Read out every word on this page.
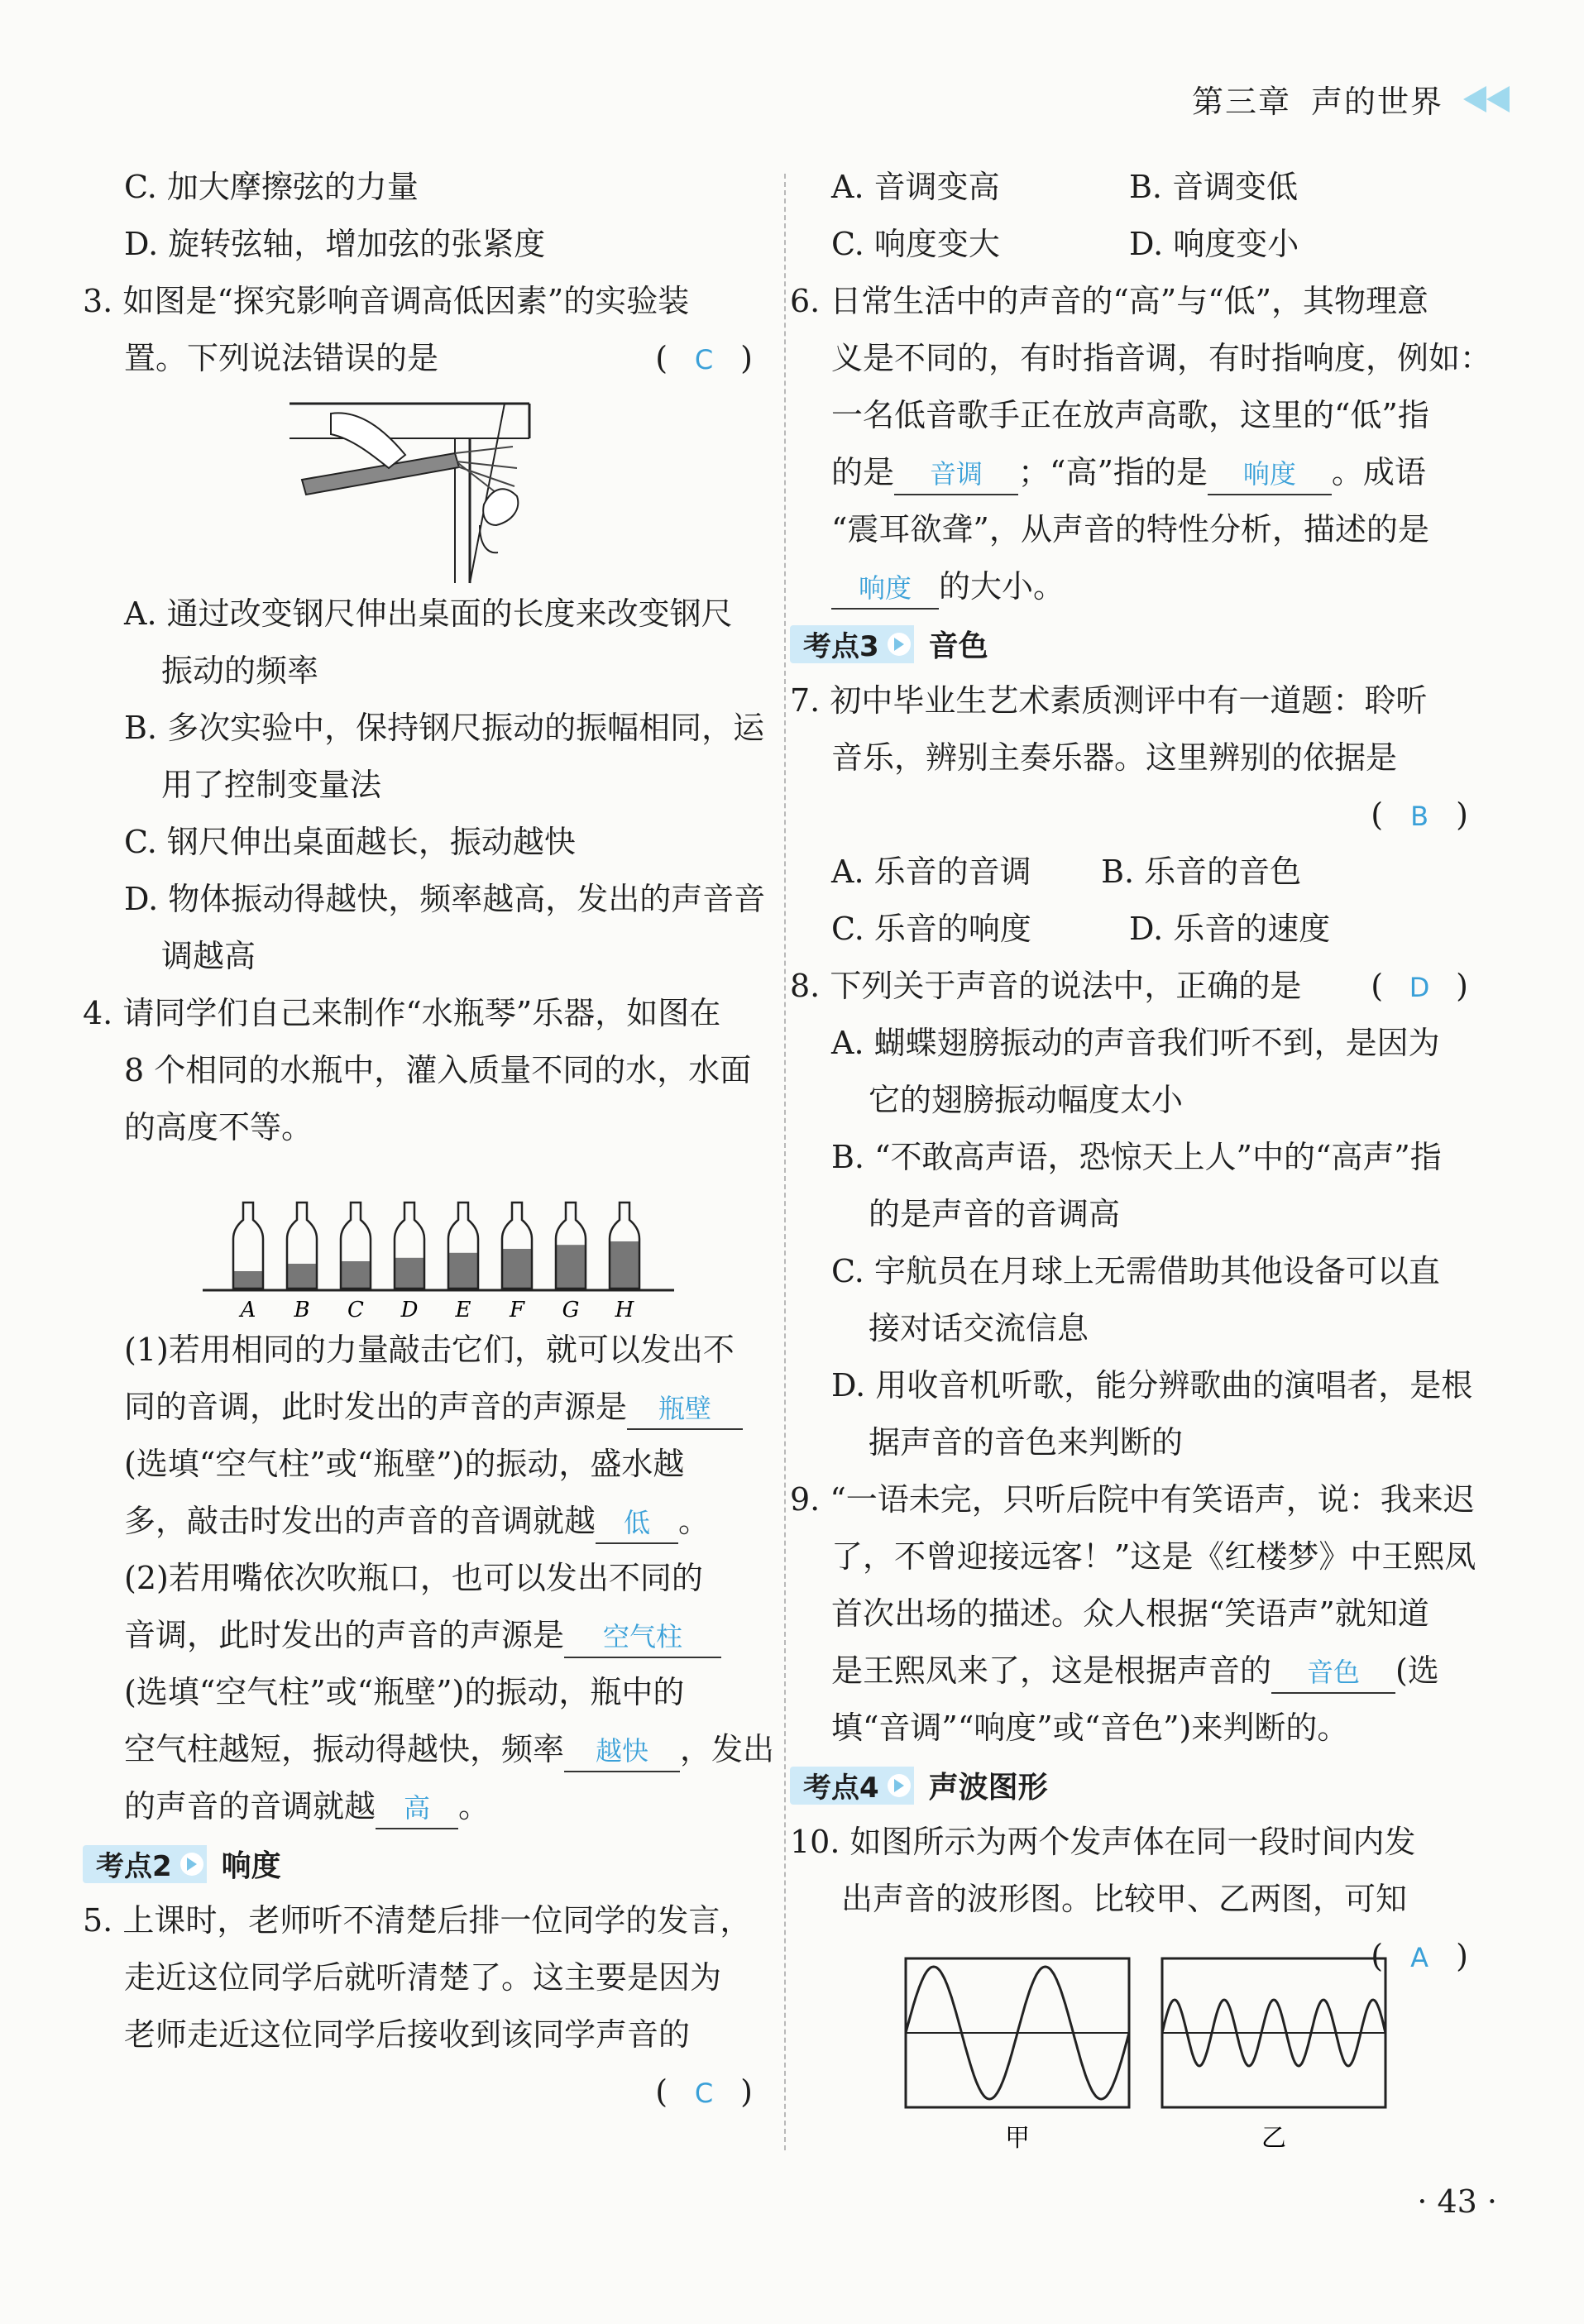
第三章 声的世界
C. 加大摩擦弦的力量
D. 旋转弦轴，增加弦的张紧度
3. 如图是“探究影响音调高低因素”的实验装
置。下列说法错误的是	( C )
A. 通过改变钢尺伸出桌面的长度来改变钢尺
振动的频率
B. 多次实验中，保持钢尺振动的振幅相同，运
用了控制变量法
C. 钢尺伸出桌面越长，振动越快
D. 物体振动得越快，频率越高，发出的声音音
调越高
4. 请同学们自己来制作“水瓶琴”乐器，如图在
8 个相同的水瓶中，灌入质量不同的水，水面
的高度不等。
(1)若用相同的力量敲击它们，就可以发出不
同的音调，此时发出的声音的声源是 瓶壁
(选填“空气柱”或“瓶壁”)的振动，盛水越
多，敲击时发出的声音的音调就越 低 。
(2)若用嘴依次吹瓶口，也可以发出不同的
音调，此时发出的声音的声源是 空气柱
(选填“空气柱”或“瓶壁”)的振动，瓶中的
空气柱越短，振动得越快，频率 越快 ，发出
的声音的音调就越 高 。
考点2	响度
5. 上课时，老师听不清楚后排一位同学的发言，
走近这位同学后就听清楚了。这主要是因为
老师走近这位同学后接收到该同学声音的
( C )
A B C D E F G H
A. 音调变高	B. 音调变低
C. 响度变大	D. 响度变小
6. 日常生活中的声音的“高”与“低”，其物理意
义是不同的，有时指音调，有时指响度，例如：
一名低音歌手正在放声高歌，这里的“低”指
的是 音调 ；“高”指的是 响度 。成语
“震耳欲聋”，从声音的特性分析，描述的是
响度 的大小。
考点3	音色
7. 初中毕业生艺术素质测评中有一道题：聆听
音乐，辨别主奏乐器。这里辨别的依据是
( B )
A. 乐音的音调	B. 乐音的音色
C. 乐音的响度	D. 乐音的速度
8. 下列关于声音的说法中，正确的是 ( D )
A. 蝴蝶翅膀振动的声音我们听不到，是因为
它的翅膀振动幅度太小
B. “不敢高声语，恐惊天上人”中的“高声”指
的是声音的音调高
C. 宇航员在月球上无需借助其他设备可以直
接对话交流信息
D. 用收音机听歌，能分辨歌曲的演唱者，是根
据声音的音色来判断的
9. “一语未完，只听后院中有笑语声，说：我来迟
了，不曾迎接远客！”这是《红楼梦》中王熙凤
首次出场的描述。众人根据“笑语声”就知道
是王熙凤来了，这是根据声音的 音色 (选
填“音调”“响度”或“音色”)来判断的。
考点4	声波图形
10. 如图所示为两个发声体在同一段时间内发
出声音的波形图。比较甲、乙两图，可知
( A )
甲	乙
· 43 ·
